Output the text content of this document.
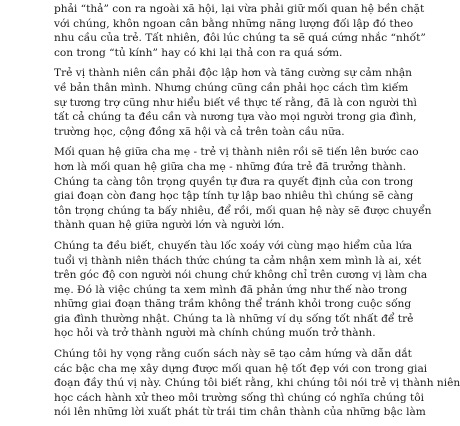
phải “thả” con ra ngoài xã hội, lại vừa phải giữ mối quan hệ bền chặt
với chúng, khôn ngoan cân bằng những năng lượng đối lập đó theo
nhu cầu của trẻ. Tất nhiên, đôi lúc chúng ta sẽ quá cứng nhắc “nhốt”
con trong “tủ kính” hay có khi lại thả con ra quá sớm.

Trẻ vị thành niên cần phải độc lập hơn và tăng cường sự cảm nhận
về bản thân mình. Nhưng chúng cũng cần phải học cách tìm kiếm
sự tương trợ cũng như hiểu biết về thực tế rằng, đã là con người thì
tất cả chúng ta đều cần và nương tựa vào mọi người trong gia đình,
trường học, cộng đồng xã hội và cả trên toàn cầu nữa.

Mối quan hệ giữa cha mẹ - trẻ vị thành niên rồi sẽ tiến lên bước cao
hơn là mối quan hệ giữa cha mẹ - những đứa trẻ đã trưởng thành.
Chúng ta càng tôn trọng quyền tự đưa ra quyết định của con trong
giai đoạn còn đang học tập tính tự lập bao nhiêu thì chúng sẽ càng
tôn trọng chúng ta bấy nhiêu, để rồi, mối quan hệ này sẽ được chuyển
thành quan hệ giữa người lớn và người lớn.

Chúng ta đều biết, chuyến tàu lốc xoáy với cùng mạo hiểm của lứa
tuổi vị thành niên thách thức chúng ta cảm nhận xem mình là ai, xét
trên góc độ con người nói chung chứ không chỉ trên cương vị làm cha
mẹ. Đó là việc chúng ta xem mình đã phản ứng như thế nào trong
những giai đoạn thăng trầm không thể tránh khỏi trong cuộc sống
gia đình thường nhật. Chúng ta là những ví dụ sống tốt nhất để trẻ
học hỏi và trở thành người mà chính chúng muốn trở thành.

Chúng tôi hy vọng rằng cuốn sách này sẽ tạo cảm hứng và dẫn dắt
các bậc cha mẹ xây dựng được mối quan hệ tốt đẹp với con trong giai
đoạn đầy thú vị này. Chúng tôi biết rằng, khi chúng tôi nói trẻ vị thành niên
học cách hành xử theo môi trường sống thì chúng có nghĩa chúng tôi
nói lên những lời xuất phát từ trái tim chân thành của những bậc làm
